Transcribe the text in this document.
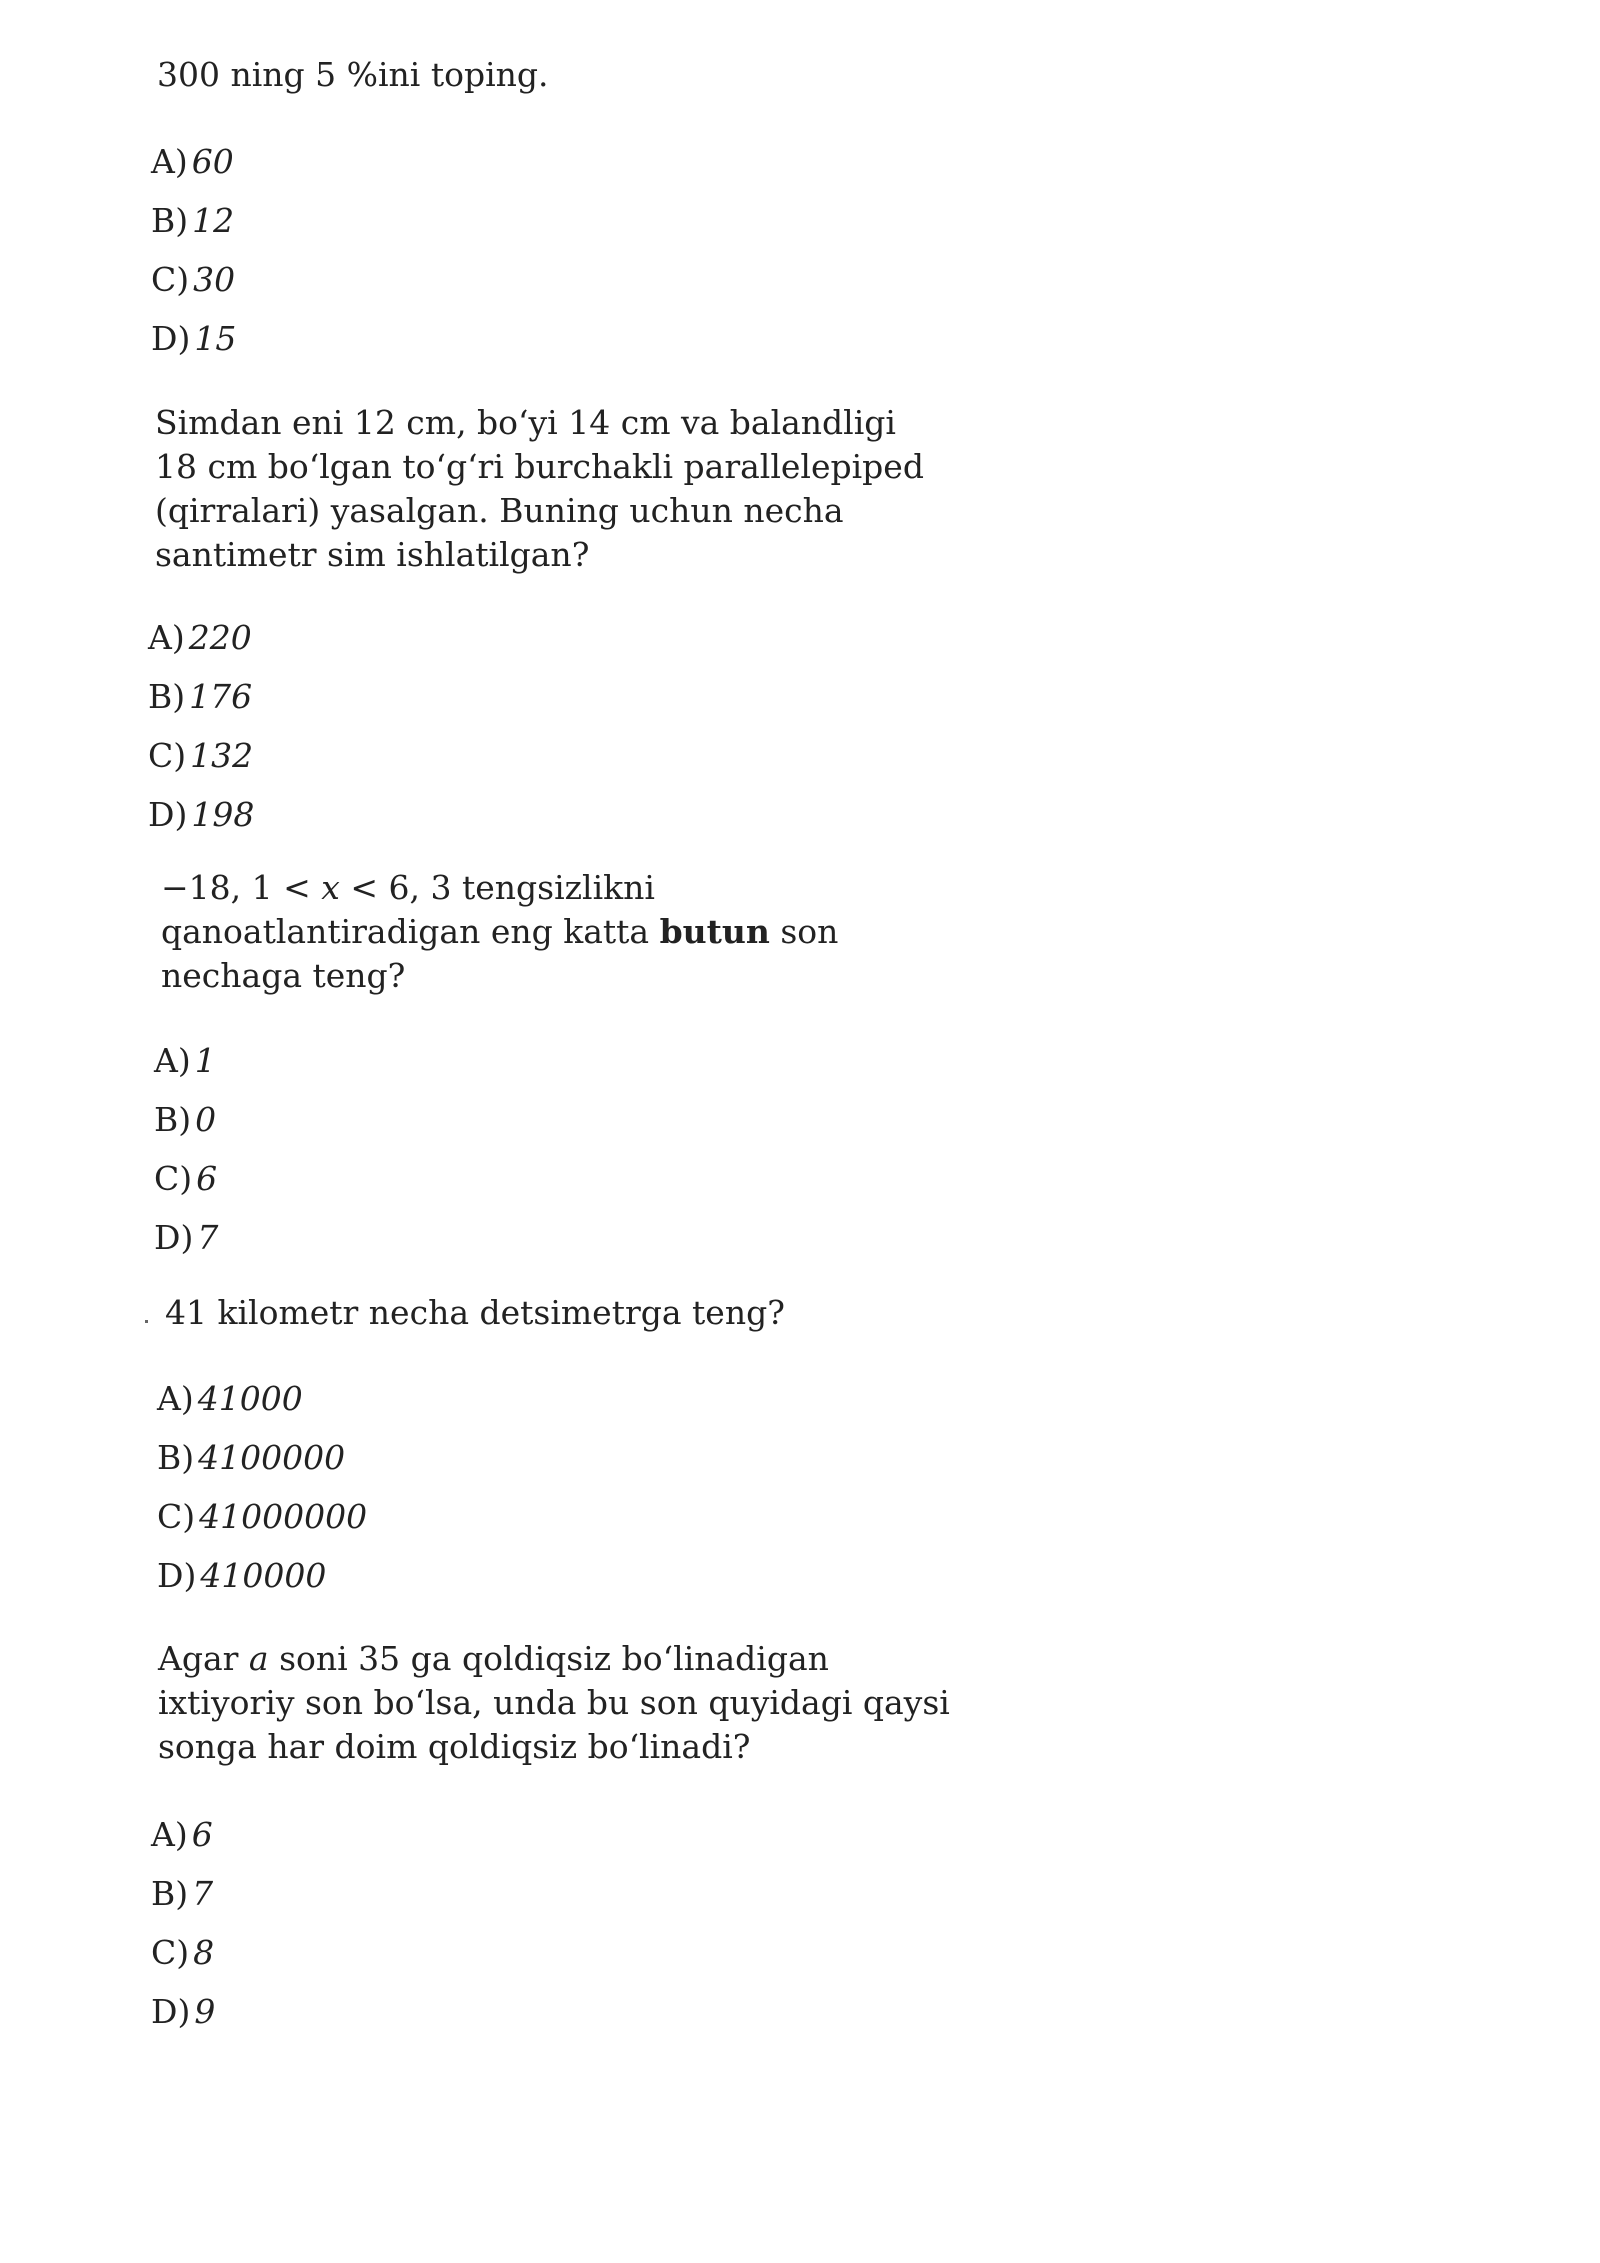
300 ning 5 %ini toping.
A) 60
B) 12
C) 30
D) 15
Simdan eni 12 cm, bo‘yi 14 cm va balandligi
18 cm bo‘lgan to‘g‘ri burchakli parallelepiped
(qirralari) yasalgan. Buning uchun necha
santimetr sim ishlatilgan?
A) 220
B) 176
C) 132
D) 198
−18, 1 < x < 6, 3 tengsizlikni
qanoatlantiradigan eng katta butun son
nechaga teng?
A) 1
B) 0
C) 6
D) 7
41 kilometr necha detsimetrga teng?
A) 41000
B) 4100000
C) 41000000
D) 410000
Agar a soni 35 ga qoldiqsiz bo‘linadigan
ixtiyoriy son bo‘lsa, unda bu son quyidagi qaysi
songa har doim qoldiqsiz bo‘linadi?
A) 6
B) 7
C) 8
D) 9
